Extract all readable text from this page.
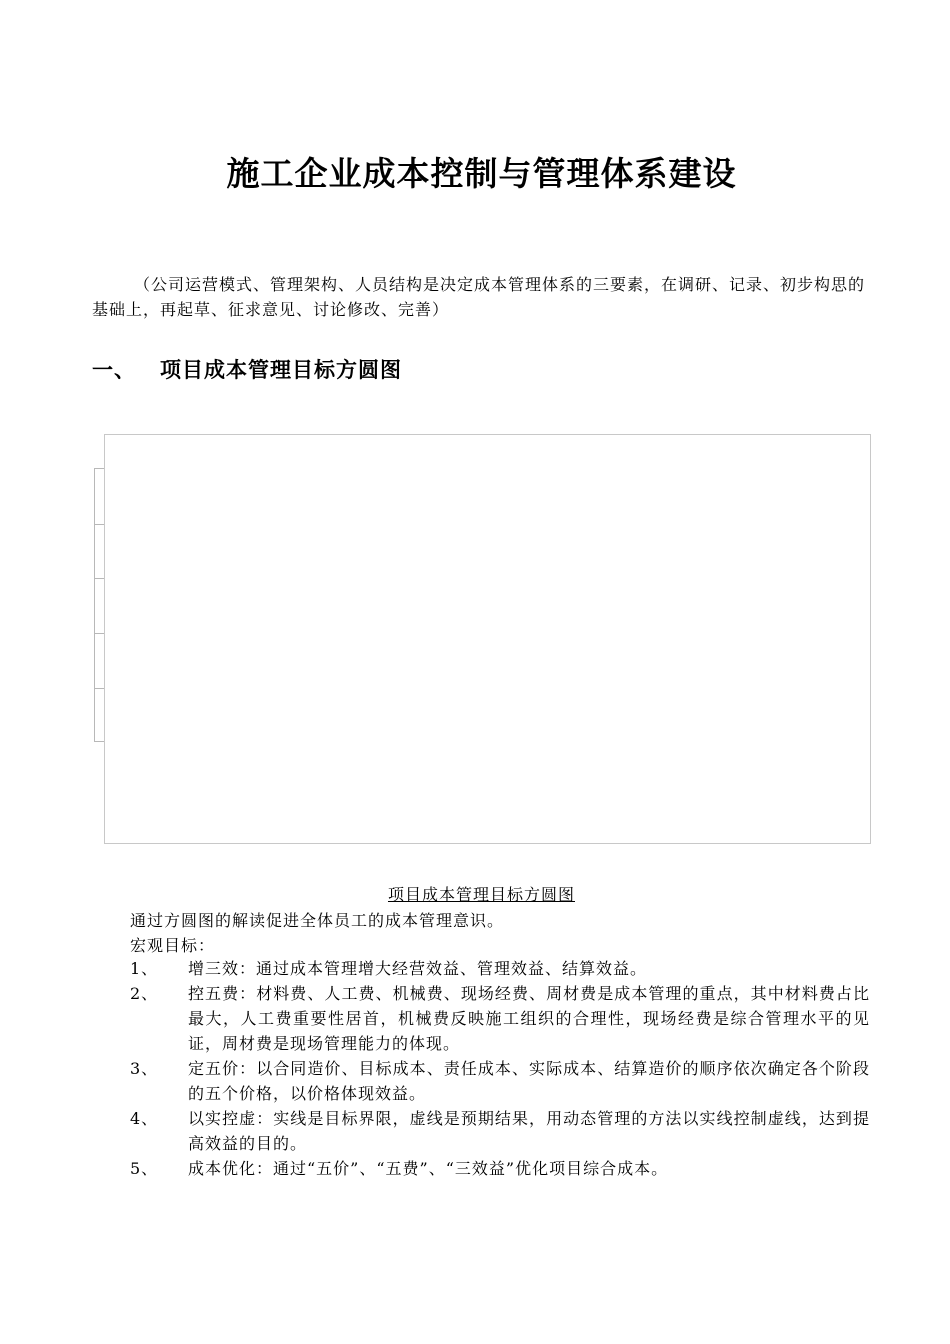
施工企业成本控制与管理体系建设
（公司运营模式、管理架构、人员结构是决定成本管理体系的三要素，在调研、记录、初步构思的基础上，再起草、征求意见、讨论修改、完善）
一、 项目成本管理目标方圆图
项目成本管理目标方圆图
通过方圆图的解读促进全体员工的成本管理意识。
宏观目标：
1、	增三效：通过成本管理增大经营效益、管理效益、结算效益。
2、	控五费：材料费、人工费、机械费、现场经费、周材费是成本管理的重点，其中材料费占比最大，人工费重要性居首，机械费反映施工组织的合理性，现场经费是综合管理水平的见证，周材费是现场管理能力的体现。
3、	定五价：以合同造价、目标成本、责任成本、实际成本、结算造价的顺序依次确定各个阶段的五个价格，以价格体现效益。
4、	以实控虚：实线是目标界限，虚线是预期结果，用动态管理的方法以实线控制虚线，达到提高效益的目的。
5、	成本优化：通过“五价”、“五费”、“三效益”优化项目综合成本。
